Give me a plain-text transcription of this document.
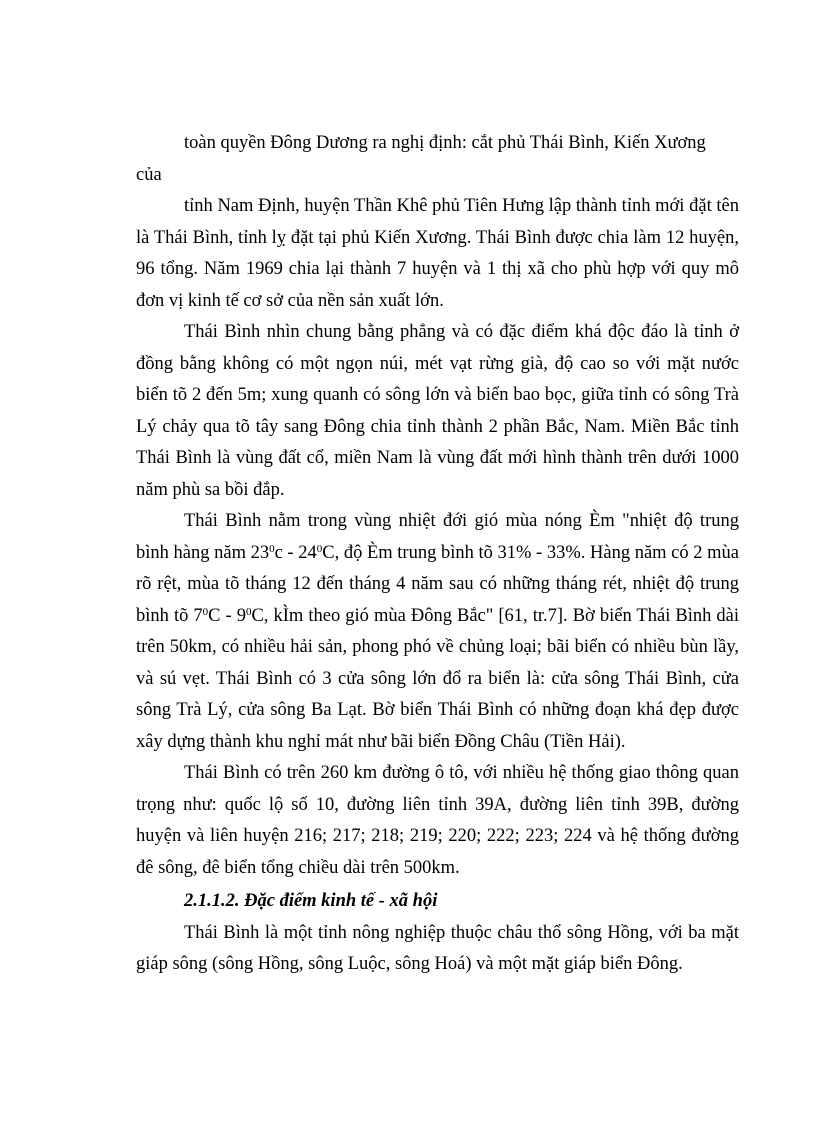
toàn quyền Đông Dương ra nghị định: cắt phủ Thái Bình, Kiến Xương

của

tỉnh Nam Định, huyện Thần Khê phủ Tiên Hưng lập thành tỉnh mới đặt tên là Thái Bình, tỉnh lỵ đặt tại phủ Kiến Xương. Thái Bình được chia làm 12 huyện, 96 tổng. Năm 1969 chia lại thành 7 huyện và 1 thị xã cho phù hợp với quy mô đơn vị kinh tế cơ sở của nền sản xuất lớn.

Thái Bình nhìn chung bằng phẳng và có đặc điểm khá độc đáo là tỉnh ở đồng bằng không có một ngọn núi, mét vạt rừng già, độ cao so với mặt nước biển tõ 2 đến 5m; xung quanh có sông lớn và biển bao bọc, giữa tỉnh có sông Trà Lý chảy qua tõ tây sang Đông chia tỉnh thành 2 phần Bắc, Nam. Miền Bắc tỉnh Thái Bình là vùng đất cổ, miền Nam là vùng đất mới hình thành trên dưới 1000 năm phù sa bồi đắp.

Thái Bình nằm trong vùng nhiệt đới gió mùa nóng Èm "nhiệt độ trung bình hàng năm $23^0c - 24^0C$, độ Èm trung bình tõ 31% - 33%. Hàng năm có 2 mùa rõ rệt, mùa tõ tháng 12 đến tháng 4 năm sau có những tháng rét, nhiệt độ trung bình tõ $7^0C - 9^0C$, kÌm theo gió mùa Đông Bắc" [61, tr.7]. Bờ biển Thái Bình dài trên 50km, có nhiều hải sản, phong phó về chủng loại; bãi biển có nhiều bùn lầy, và sú vẹt. Thái Bình có 3 cửa sông lớn đổ ra biển là: cửa sông Thái Bình, cửa sông Trà Lý, cửa sông Ba Lạt. Bờ biển Thái Bình có những đoạn khá đẹp được xây dựng thành khu nghỉ mát như bãi biển Đồng Châu (Tiền Hải).

Thái Bình có trên 260 km đường ô tô, với nhiều hệ thống giao thông quan trọng như: quốc lộ số 10, đường liên tỉnh 39A, đường liên tỉnh 39B, đường huyện và liên huyện 216; 217; 218; 219; 220; 222; 223; 224 và hệ thống đường đê sông, đê biển tổng chiều dài trên 500km.

2.1.1.2. Đặc điểm kinh tế - xã hội

Thái Bình là một tỉnh nông nghiệp thuộc châu thổ sông Hồng, với ba mặt giáp sông (sông Hồng, sông Luộc, sông Hoá) và một mặt giáp biển Đông.
